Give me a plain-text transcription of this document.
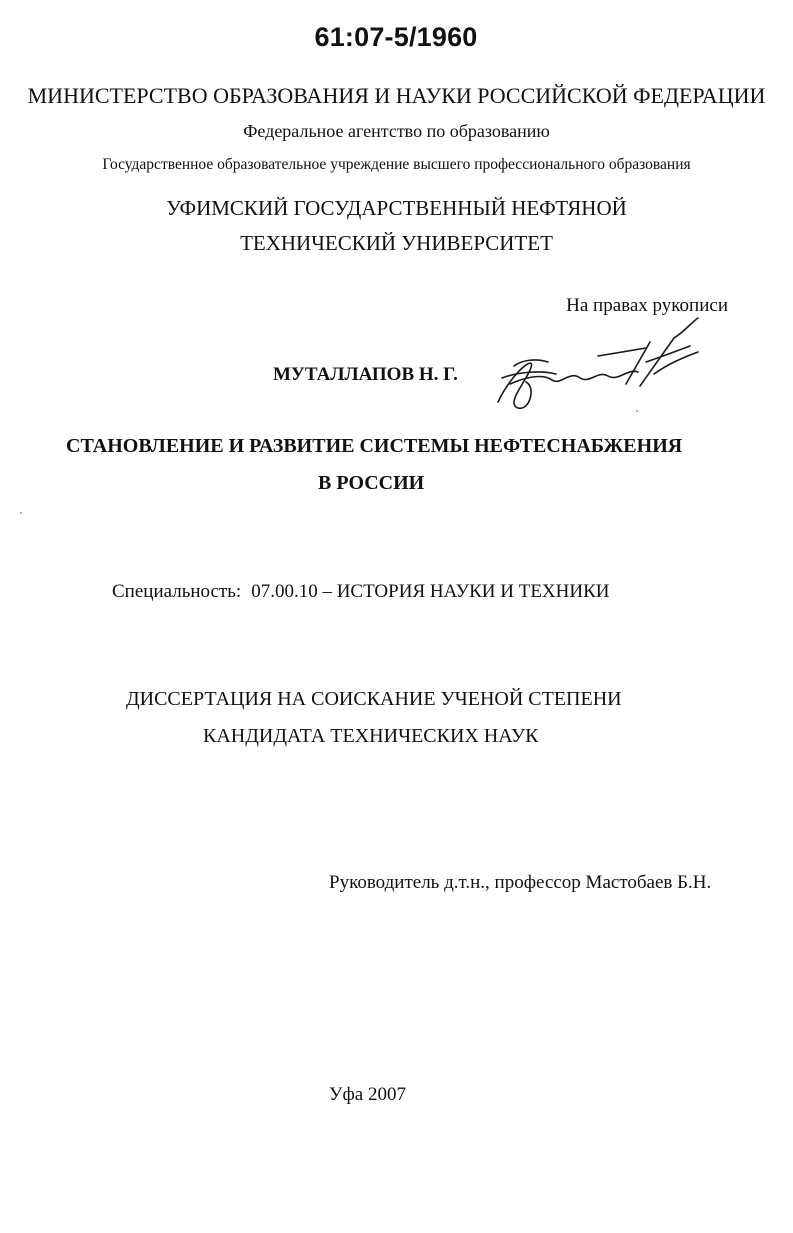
61:07-5/1960
МИНИСТЕРСТВО ОБРАЗОВАНИЯ И НАУКИ РОССИЙСКОЙ ФЕДЕРАЦИИ
Федеральное агентство по образованию
Государственное образовательное учреждение высшего профессионального образования
УФИМСКИЙ ГОСУДАРСТВЕННЫЙ НЕФТЯНОЙ
ТЕХНИЧЕСКИЙ УНИВЕРСИТЕТ
На правах рукописи
МУТАЛЛАПОВ Н. Г.
СТАНОВЛЕНИЕ И РАЗВИТИЕ СИСТЕМЫ НЕФТЕСНАБЖЕНИЯ
В РОССИИ
Специальность: 07.00.10 – ИСТОРИЯ НАУКИ И ТЕХНИКИ
ДИССЕРТАЦИЯ НА СОИСКАНИЕ УЧЕНОЙ СТЕПЕНИ
КАНДИДАТА ТЕХНИЧЕСКИХ НАУК
Руководитель д.т.н., профессор Мастобаев Б.Н.
Уфа 2007
